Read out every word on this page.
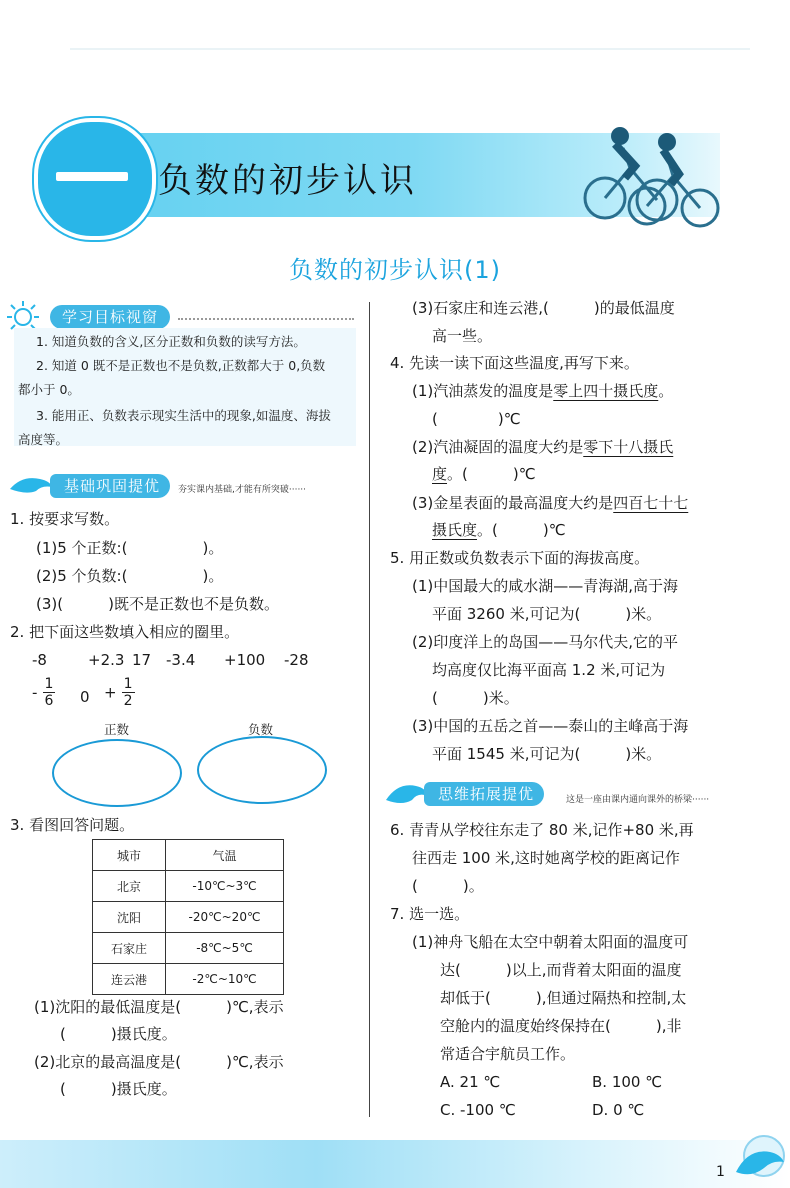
负数的初步认识
负数的初步认识(1)
学习目标视窗
1. 知道负数的含义,区分正数和负数的读写方法。
2. 知道 0 既不是正数也不是负数,正数都大于 0,负数
都小于 0。
3. 能用正、负数表示现实生活中的现象,如温度、海拔
高度等。
基础巩固提优	夯实课内基础,才能有所突破······
1. 按要求写数。
(1)5 个正数:(　　　　　)。
(2)5 个负数:(　　　　　)。
(3)(　　　)既不是正数也不是负数。
2. 把下面这些数填入相应的圈里。
-8	+2.3 17 -3.4 +100 -28
- $\frac{1}{6} 0 + \frac{1}{2}$
正数	负数
3. 看图回答问题。
城市	气温
北京	-10℃~3℃
沈阳	-20℃~20℃
石家庄	-8℃~5℃
连云港	-2℃~10℃
(1)沈阳的最低温度是(　　　)℃,表示
(　　　)摄氏度。
(2)北京的最高温度是(　　　)℃,表示
(　　　)摄氏度。
(3)石家庄和连云港,(　　　)的最低温度
高一些。
4. 先读一读下面这些温度,再写下来。
(1)汽油蒸发的温度是零上四十摄氏度。
(　　　　)℃
(2)汽油凝固的温度大约是零下十八摄氏
度。(　　　)℃
(3)金星表面的最高温度大约是四百七十七
摄氏度。(　　　)℃
5. 用正数或负数表示下面的海拔高度。
(1)中国最大的咸水湖——青海湖,高于海
平面 3260 米,可记为(　　　)米。
(2)印度洋上的岛国——马尔代夫,它的平
均高度仅比海平面高 1.2 米,可记为
(　　　)米。
(3)中国的五岳之首——泰山的主峰高于海
平面 1545 米,可记为(　　　)米。
思维拓展提优	这是一座由课内通向课外的桥梁······
6. 青青从学校往东走了 80 米,记作+80 米,再
往西走 100 米,这时她离学校的距离记作
(　　　)。
7. 选一选。
(1)神舟飞船在太空中朝着太阳面的温度可
达(　　　)以上,而背着太阳面的温度
却低于(　　　),但通过隔热和控制,太
空舱内的温度始终保持在(　　　),非
常适合宇航员工作。
A. 21 ℃	B. 100 ℃
C. -100 ℃	D. 0 ℃
1
